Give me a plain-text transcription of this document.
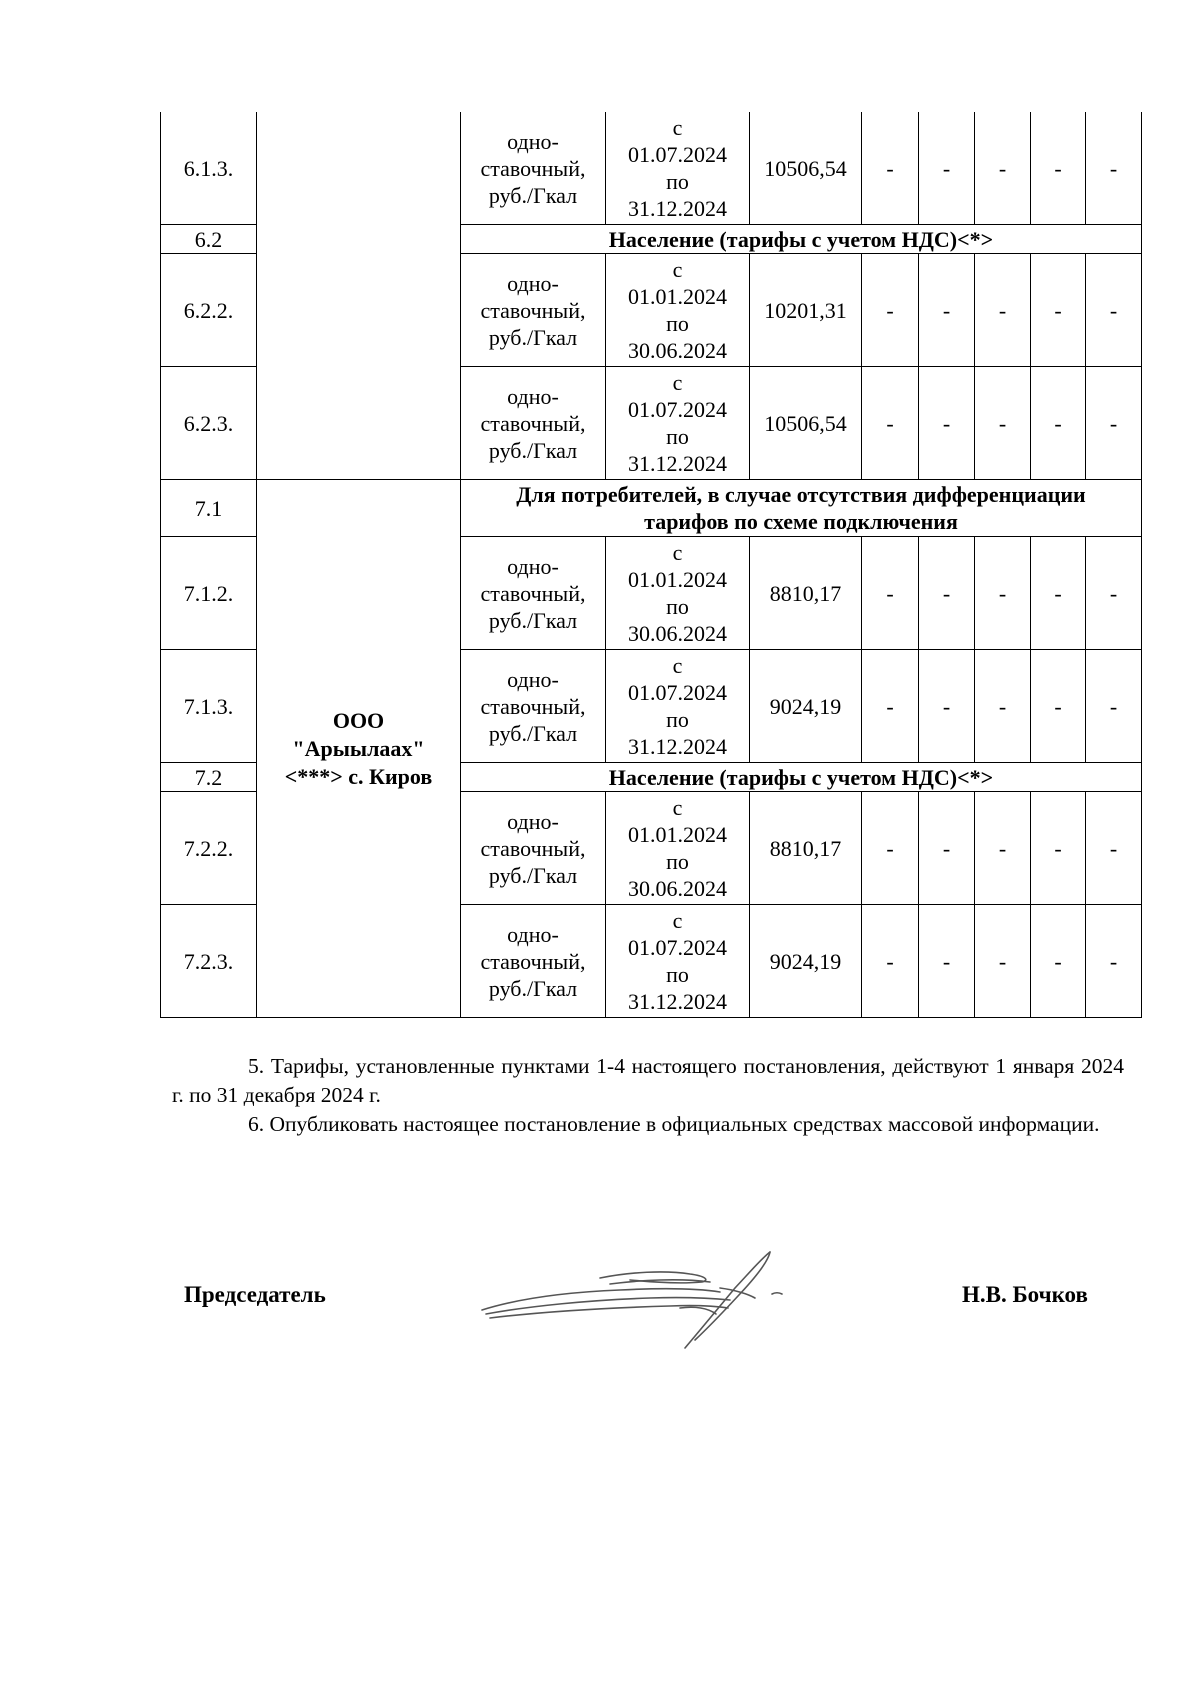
6.1.3.		одно-
ставочный,
руб./Гкал	с
01.07.2024
по
31.12.2024	10506,54	-	-	-	-	-
6.2		Население (тарифы с учетом НДС)<*>							
6.2.2.		одно-
ставочный,
руб./Гкал	с
01.01.2024
по
30.06.2024	10201,31	-	-	-	-	-
6.2.3.		одно-
ставочный,
руб./Гкал	с
01.07.2024
по
31.12.2024	10506,54	-	-	-	-	-
7.1	ООО
"Арыылаах"
<***> с. Киров	Для потребителей, в случае отсутствия дифференциации
тарифов по схеме подключения							
7.1.2.		одно-
ставочный,
руб./Гкал	с
01.01.2024
по
30.06.2024	8810,17	-	-	-	-	-
7.1.3.		одно-
ставочный,
руб./Гкал	с
01.07.2024
по
31.12.2024	9024,19	-	-	-	-	-
7.2		Население (тарифы с учетом НДС)<*>							
7.2.2.		одно-
ставочный,
руб./Гкал	с
01.01.2024
по
30.06.2024	8810,17	-	-	-	-	-
7.2.3.		одно-
ставочный,
руб./Гкал	с
01.07.2024
по
31.12.2024	9024,19	-	-	-	-	-
5. Тарифы, установленные пунктами 1-4 настоящего постановления, действуют 1 января 2024 г. по 31 декабря 2024 г.
6. Опубликовать настоящее постановление в официальных средствах массовой информации.
Председатель	Н.В. Бочков
